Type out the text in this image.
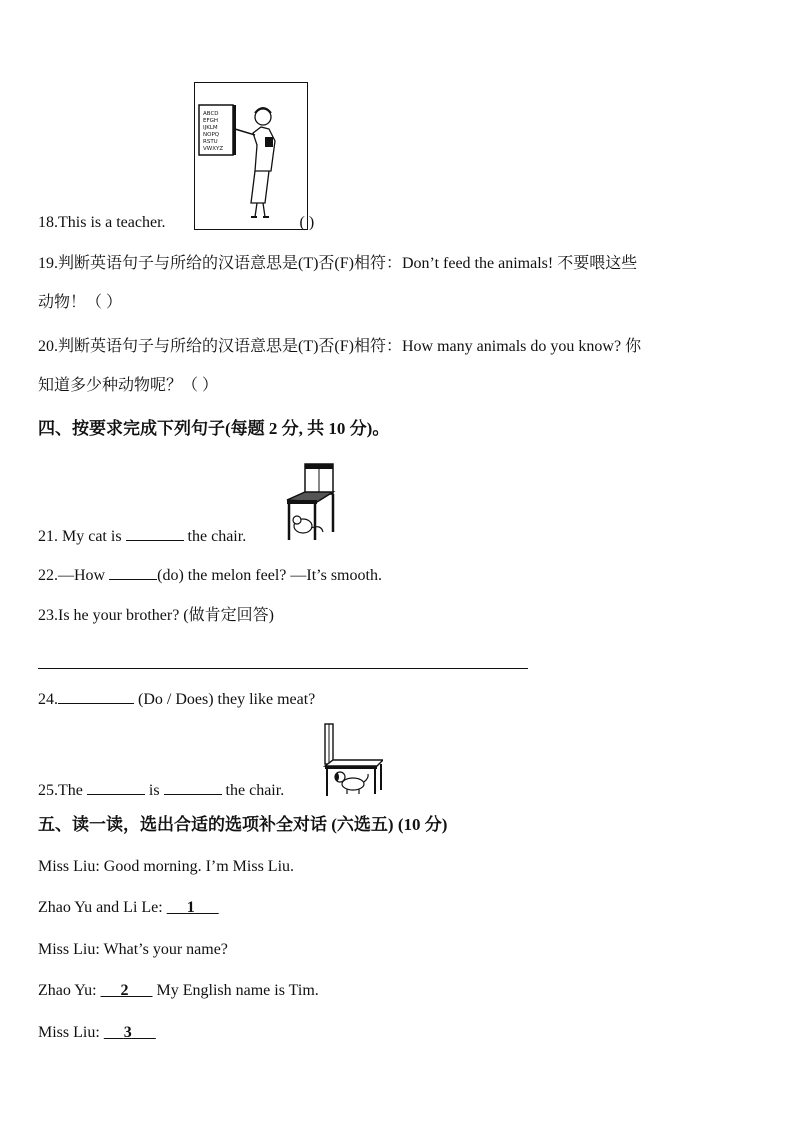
ABCD
EFGH
IJKLM
NOPQ
RSTU
VWXYZ
18.This is a teacher.	( )
19.判断英语句子与所给的汉语意思是(T)否(F)相符：Don’t feed the animals! 不要喂这些
动物！（ ）
20.判断英语句子与所给的汉语意思是(T)否(F)相符：How many animals do you know? 你
知道多少种动物呢？（ ）
四、按要求完成下列句子(每题 2 分, 共 10 分)。
21. My cat is	the chair.
22.—How	(do) the melon feel? —It’s smooth.
23.Is he your brother? (做肯定回答)
24.	(Do / Does) they like meat?
25.The	is	the chair.
五、读一读，选出合适的选项补全对话 (六选五) (10 分)
Miss Liu: Good morning. I’m Miss Liu.
Zhao Yu and Li Le:      1
Miss Liu: What’s your name?
Zhao Yu:      2       My English name is Tim.
Miss Liu:      3
